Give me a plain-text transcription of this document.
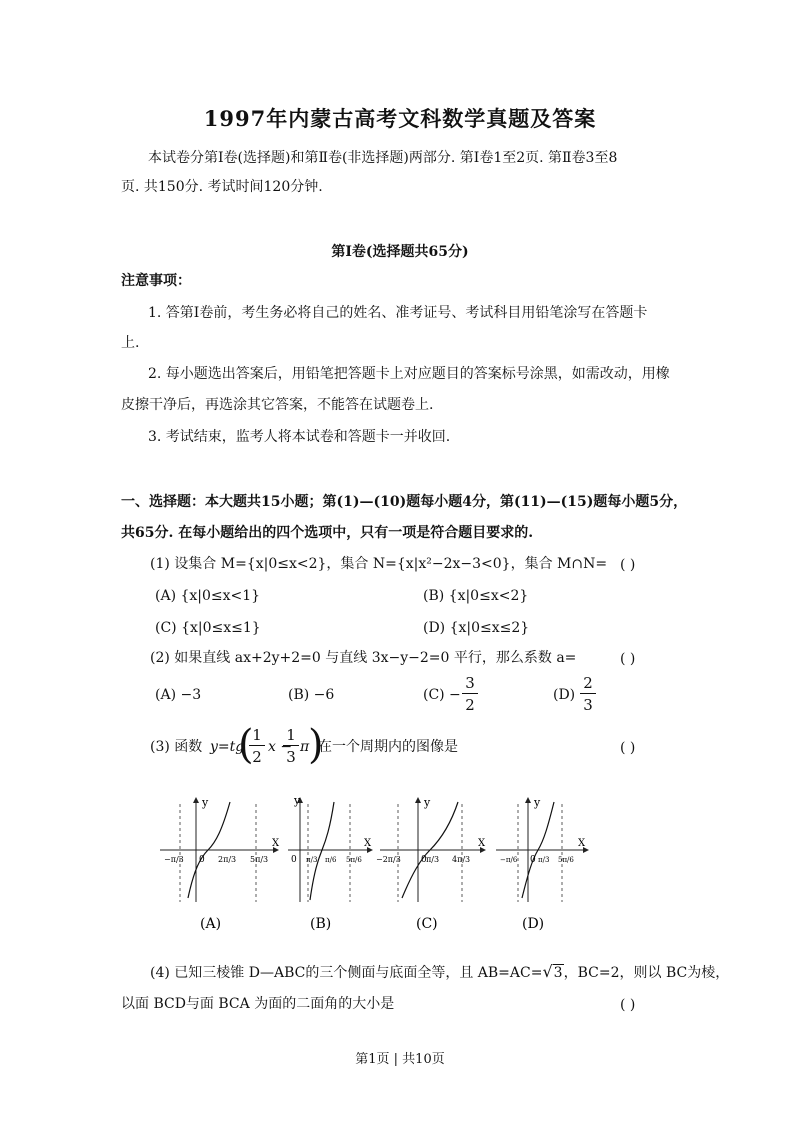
1997年内蒙古高考文科数学真题及答案
本试卷分第Ⅰ卷(选择题)和第Ⅱ卷(非选择题)两部分. 第Ⅰ卷1至2页. 第Ⅱ卷3至8
页. 共150分. 考试时间120分钟.
第Ⅰ卷(选择题共65分)
注意事项：
1. 答第Ⅰ卷前，考生务必将自己的姓名、准考证号、考试科目用铅笔涂写在答题卡
上.
2. 每小题选出答案后，用铅笔把答题卡上对应题目的答案标号涂黑，如需改动，用橡
皮擦干净后，再选涂其它答案，不能答在试题卷上.
3. 考试结束，监考人将本试卷和答题卡一并收回.
一、选择题：本大题共15小题；第(1)—(10)题每小题4分，第(11)—(15)题每小题5分，
共65分. 在每小题给出的四个选项中，只有一项是符合题目要求的.
(1) 设集合 M={x|0≤x<2}，集合 N={x|x²−2x−3<0}，集合 M∩N= ( )
(A) {x|0≤x<1}	(B) {x|0≤x<2}
(C) {x|0≤x≤1}	(D) {x|0≤x≤2}
(2) 如果直线 ax+2y+2=0 与直线 3x−y−2=0 平行，那么系数 a=	( )
(A) −3	(B) −6	$(C) - \frac{3}{2}$	$(D) \frac{2}{3}$
(3) 函数 y=tg
(
$\frac{1}{2}$ x −
$\frac{1}{3}$ π
)
在一个周期内的图像是	( )
y
X
0
−π/3	2π/3 5π/3
(A)
y
X
0 π/3 π/6 5π/6
(B)
y
X
0
−2π/3	π/3 4π/3
(C)
y
X
0
−π/6	π/3 5π/6
(D)
(4) 已知三棱锥 D—ABC的三个侧面与底面全等，且 AB=AC=√3，BC=2，则以 BC为棱，
以面 BCD与面 BCA 为面的二面角的大小是	( )
第1页 | 共10页
